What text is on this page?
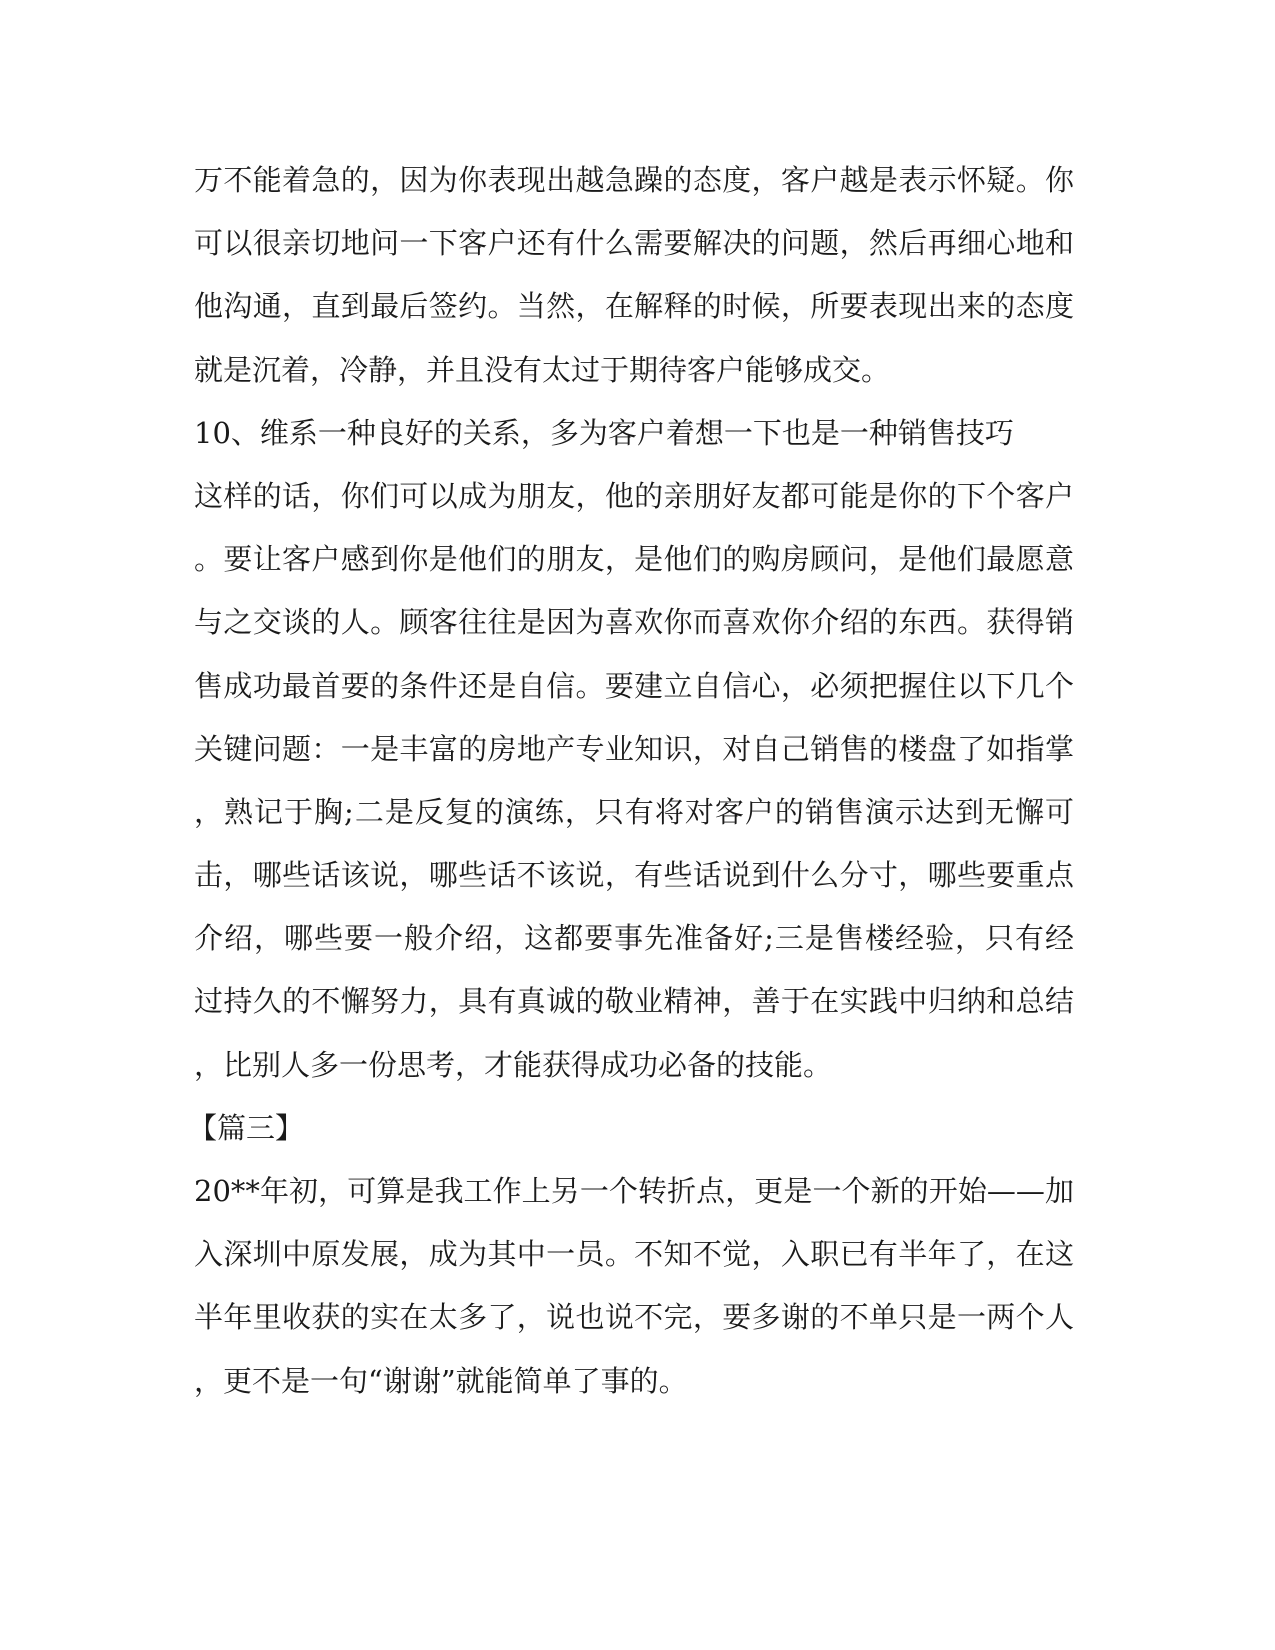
万不能着急的，因为你表现出越急躁的态度，客户越是表示怀疑。你
可以很亲切地问一下客户还有什么需要解决的问题，然后再细心地和
他沟通，直到最后签约。当然，在解释的时候，所要表现出来的态度
就是沉着，冷静，并且没有太过于期待客户能够成交。
10、维系一种良好的关系，多为客户着想一下也是一种销售技巧
这样的话，你们可以成为朋友，他的亲朋好友都可能是你的下个客户
。要让客户感到你是他们的朋友，是他们的购房顾问，是他们最愿意
与之交谈的人。顾客往往是因为喜欢你而喜欢你介绍的东西。获得销
售成功最首要的条件还是自信。要建立自信心，必须把握住以下几个
关键问题：一是丰富的房地产专业知识，对自己销售的楼盘了如指掌
，熟记于胸;二是反复的演练，只有将对客户的销售演示达到无懈可
击，哪些话该说，哪些话不该说，有些话说到什么分寸，哪些要重点
介绍，哪些要一般介绍，这都要事先准备好;三是售楼经验，只有经
过持久的不懈努力，具有真诚的敬业精神，善于在实践中归纳和总结
，比别人多一份思考，才能获得成功必备的技能。
【篇三】
20**年初，可算是我工作上另一个转折点，更是一个新的开始——加
入深圳中原发展，成为其中一员。不知不觉，入职已有半年了，在这
半年里收获的实在太多了，说也说不完，要多谢的不单只是一两个人
，更不是一句“谢谢”就能简单了事的。
